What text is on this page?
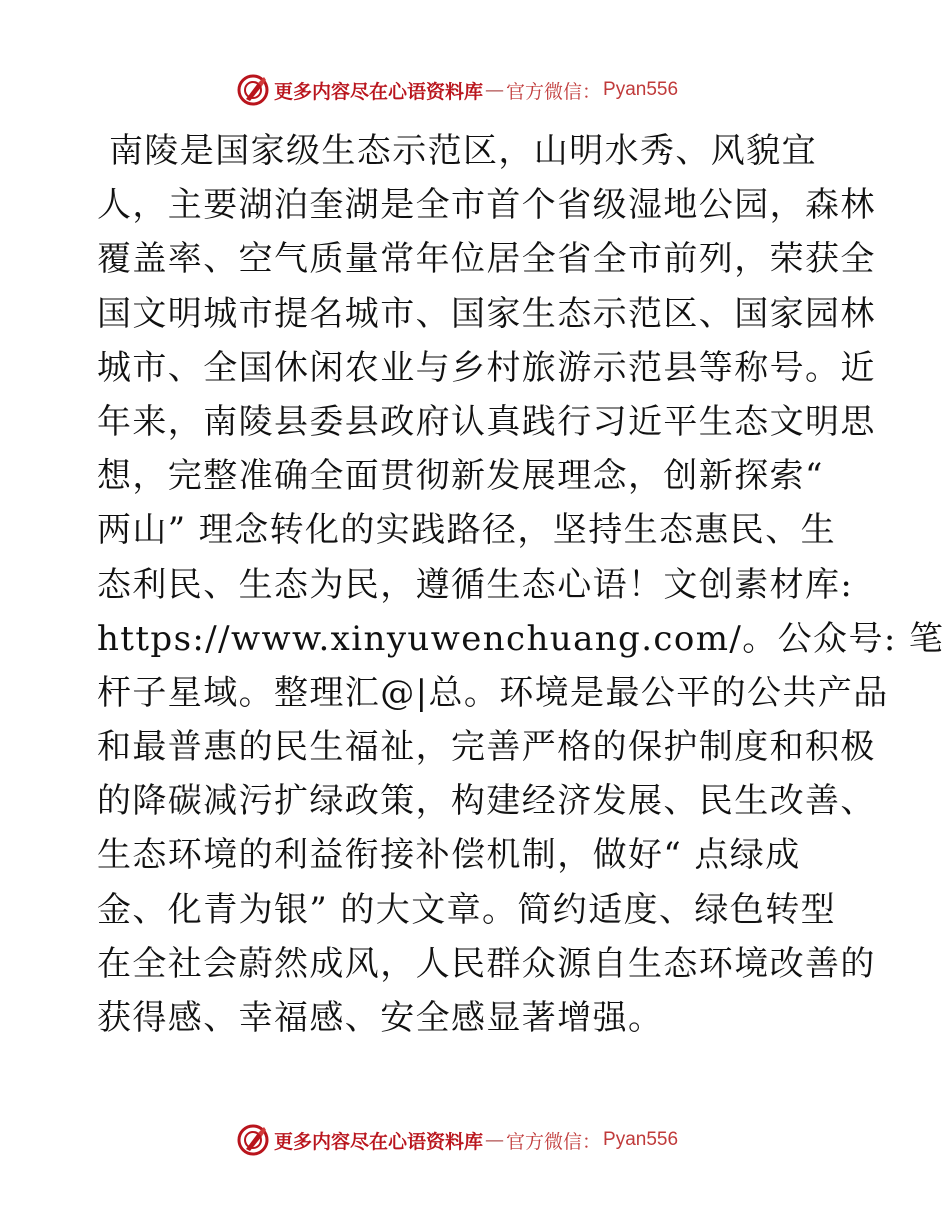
更多内容尽在心语资料库 — 官方微信： Pyan556
南陵是国家级生态示范区，山明水秀、风貌宜
人，主要湖泊奎湖是全市首个省级湿地公园，森林
覆盖率、空气质量常年位居全省全市前列，荣获全
国文明城市提名城市、国家生态示范区、国家园林
城市、全国休闲农业与乡村旅游示范县等称号。近
年来，南陵县委县政府认真践行习近平生态文明思
想，完整准确全面贯彻新发展理念，创新探索“
两山” 理念转化的实践路径，坚持生态惠民、生
态利民、生态为民，遵循生态心语！文创素材库:
https://www.xinyuwenchuang.com/。公众号: 笔
杆子星域。整理汇@|总。环境是最公平的公共产品
和最普惠的民生福祉，完善严格的保护制度和积极
的降碳减污扩绿政策，构建经济发展、民生改善、
生态环境的利益衔接补偿机制，做好“ 点绿成
金、化青为银” 的大文章。简约适度、绿色转型
在全社会蔚然成风，人民群众源自生态环境改善的
获得感、幸福感、安全感显著增强。
更多内容尽在心语资料库 — 官方微信： Pyan556
